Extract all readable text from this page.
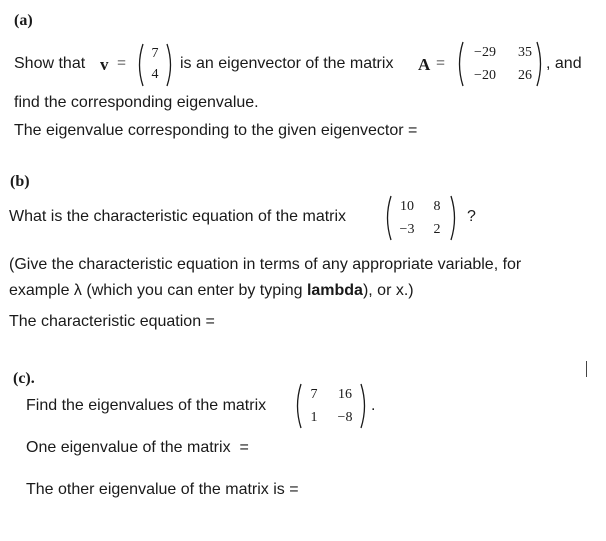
(a)
Show that v =
7
4
is an eigenvector of the matrix A =
−29	35
−20	26
, and
find the corresponding eigenvalue.
The eigenvalue corresponding to the given eigenvector =
(b)
What is the characteristic equation of the matrix
10	8
−3	2
?
(Give the characteristic equation in terms of any appropriate variable, for
example λ (which you can enter by typing lambda), or x.)
The characteristic equation =
(c).
Find the eigenvalues of the matrix
7	16
1	−8
.
One eigenvalue of the matrix  =
The other eigenvalue of the matrix is =
